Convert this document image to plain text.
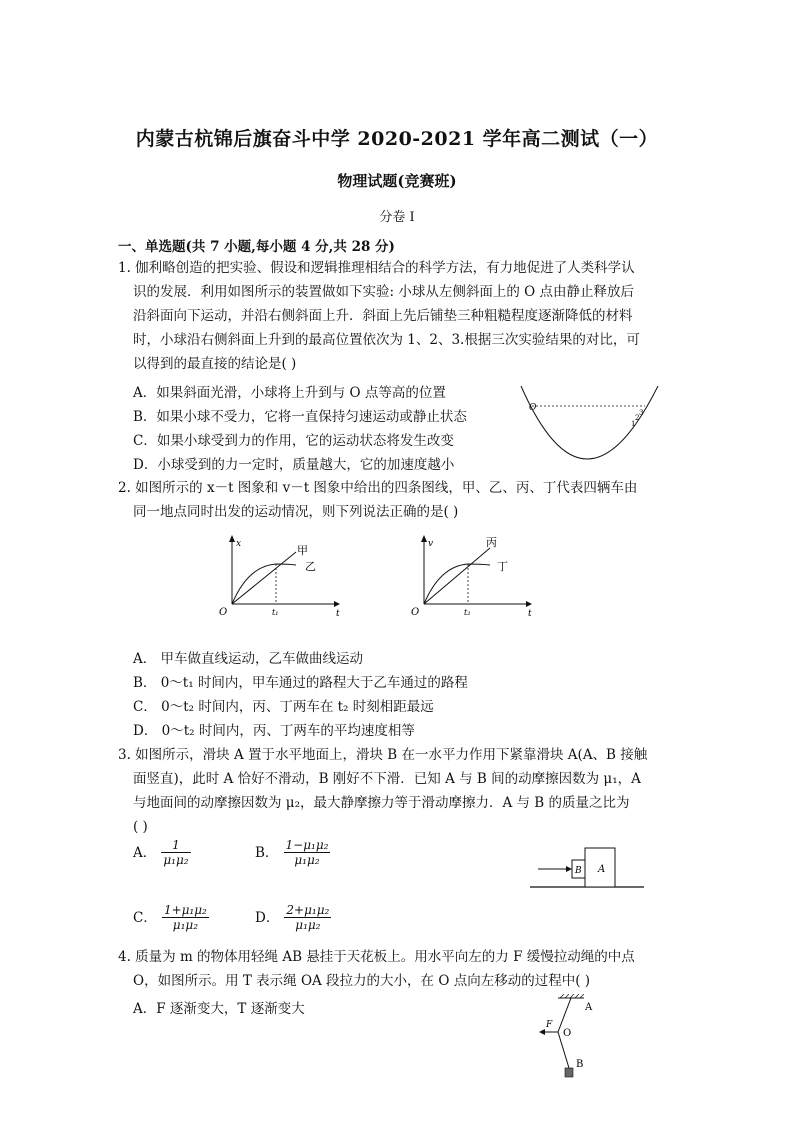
内蒙古杭锦后旗奋斗中学 2020-2021 学年高二测试（一）
物理试题(竞赛班)
分卷 I
一、单选题(共 7 小题,每小题 4 分,共 28 分)
1. 伽利略创造的把实验、假设和逻辑推理相结合的科学方法，有力地促进了人类科学认
识的发展．利用如图所示的装置做如下实验: 小球从左侧斜面上的 O 点由静止释放后
沿斜面向下运动，并沿右侧斜面上升．斜面上先后铺垫三种粗糙程度逐渐降低的材料
时，小球沿右侧斜面上升到的最高位置依次为 1、2、3.根据三次实验结果的对比，可
以得到的最直接的结论是( )
A．如果斜面光滑，小球将上升到与 O 点等高的位置
B．如果小球不受力，它将一直保持匀速运动或静止状态
C．如果小球受到力的作用，它的运动状态将发生改变
D．小球受到的力一定时，质量越大，它的加速度越小
O	3
2
1
2. 如图所示的 x－t 图象和 v－t 图象中给出的四条图线，甲、乙、丙、丁代表四辆车由
同一地点同时出发的运动情况，则下列说法正确的是( )
x
t
O	t₁
甲
乙
v
t
O	t₂
丙
丁
A． 甲车做直线运动，乙车做曲线运动
B． 0～t₁ 时间内，甲车通过的路程大于乙车通过的路程
C． 0～t₂ 时间内，丙、丁两车在 t₂ 时刻相距最远
D． 0～t₂ 时间内，丙、丁两车的平均速度相等
3. 如图所示，滑块 A 置于水平地面上，滑块 B 在一水平力作用下紧靠滑块 A(A、B 接触
面竖直)，此时 A 恰好不滑动，B 刚好不下滑．已知 A 与 B 间的动摩擦因数为 μ₁，A
与地面间的动摩擦因数为 μ₂，最大静摩擦力等于滑动摩擦力．A 与 B 的质量之比为
( )
A． $\frac{1}{\text{μ₁μ₂}}$	B． $\frac{\text{1−μ₁μ₂}}{\text{μ₁μ₂}}$
C． $\frac{\text{1+μ₁μ₂}}{\text{μ₁μ₂}}$	D． $\frac{\text{2+μ₁μ₂}}{\text{μ₁μ₂}}$
A
B
4. 质量为 m 的物体用轻绳 AB 悬挂于天花板上。用水平向左的力 F 缓慢拉动绳的中点
O，如图所示。用 T 表示绳 OA 段拉力的大小，在 O 点向左移动的过程中( )
A．F 逐渐变大，T 逐渐变大	A
O
B
F
